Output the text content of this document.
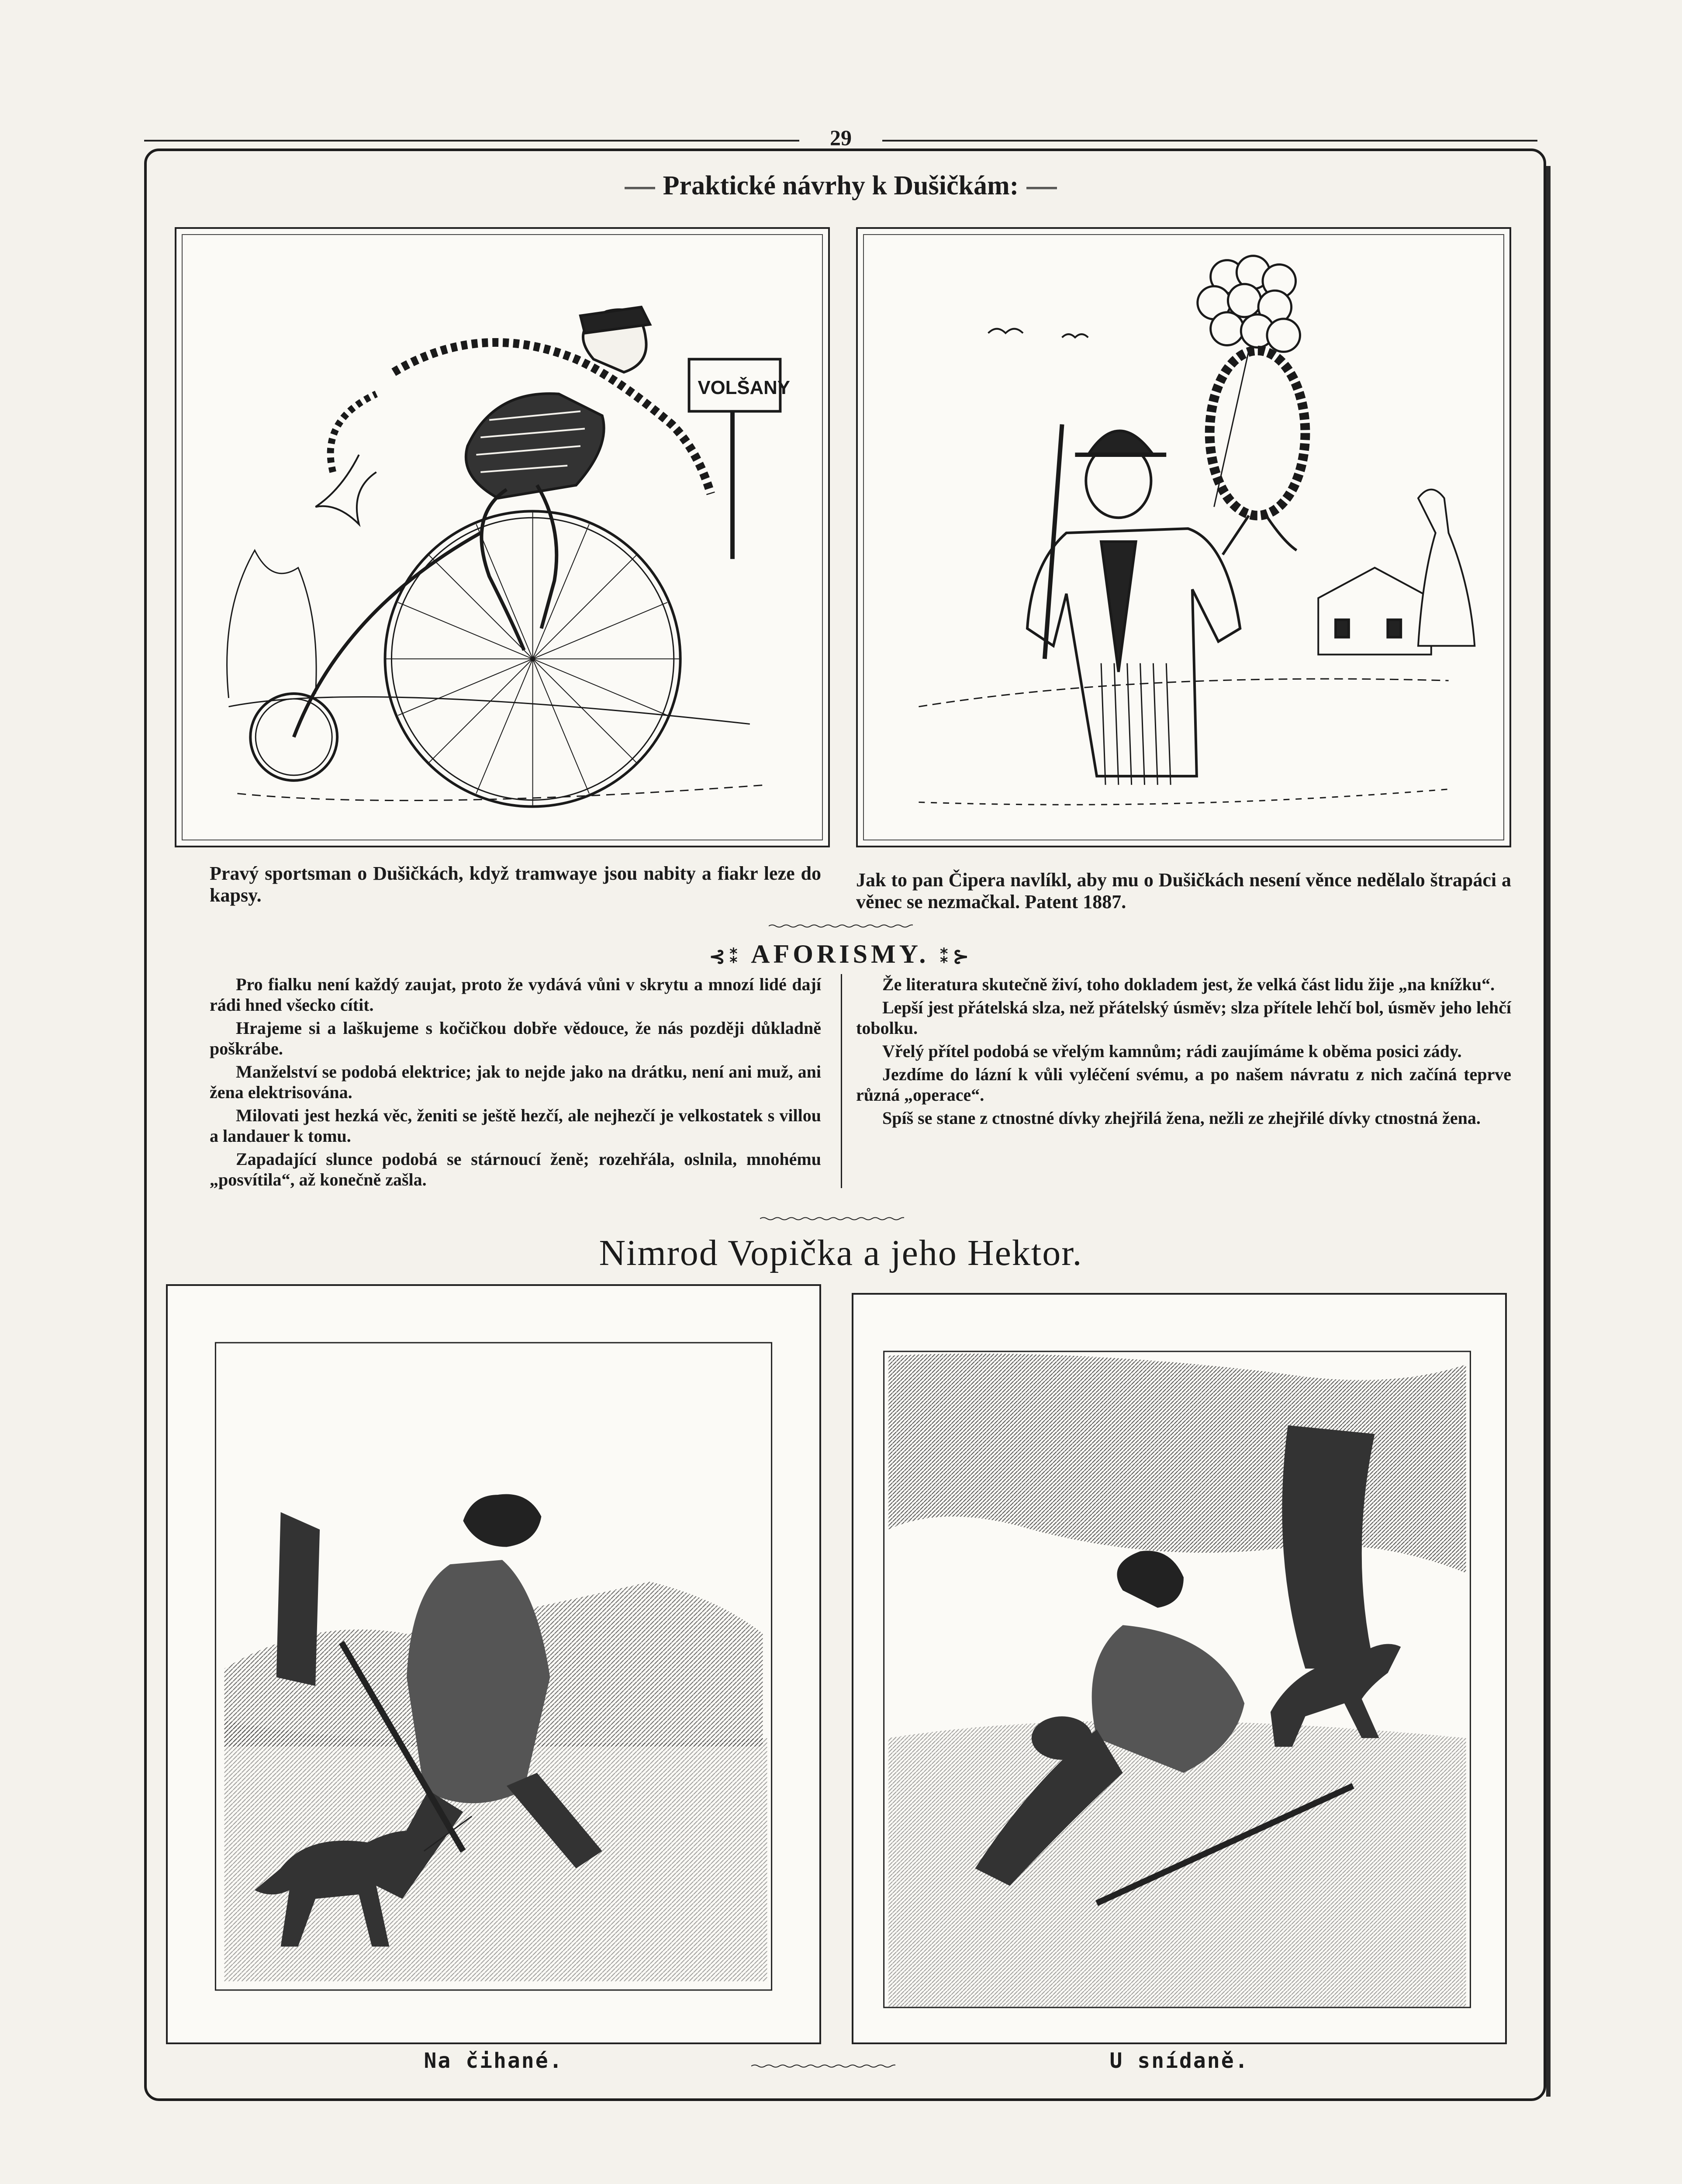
29
Praktické návrhy k Dušičkám:
VOLŠANY
Pravý sportsman o Dušičkách, když tramwaye jsou nabity a fiakr leze do kapsy.
Jak to pan Čipera navlíkl, aby mu o Dušičkách nesení věnce nedělalo štrapáci a věnec se nezmačkal. Patent 1887.
⊰⁑ AFORISMY. ⁑⊱

Pro fialku není každý zaujat, proto že vydává vůni v skrytu a mnozí lidé dají rádi hned všecko cítit.

Hrajeme si a laškujeme s kočičkou dobře vědouce, že nás později důkladně poškrábe.

Manželství se podobá elektrice; jak to nejde jako na drátku, není ani muž, ani žena elektrisována.

Milovati jest hezká věc, ženiti se ještě hezčí, ale nejhezčí je velkostatek s villou a landauer k tomu.

Zapadající slunce podobá se stárnoucí ženě; rozehřála, oslnila, mnohému „posvítila“, až konečně zašla.

Že literatura skutečně živí, toho dokladem jest, že velká část lidu žije „na knížku“.

Lepší jest přátelská slza, než přátelský úsměv; slza přítele lehčí bol, úsměv jeho lehčí tobolku.

Vřelý přítel podobá se vřelým kamnům; rádi zaujímáme k oběma posici zády.

Jezdíme do lázní k vůli vyléčení svému, a po našem návratu z nich začíná teprve různá „operace“.

Spíš se stane z ctnostné dívky zhejřilá žena, nežli ze zhejřilé dívky ctnostná žena.

Nimrod Vopička a jeho Hektor.
Na čihané.	U snídaně.
